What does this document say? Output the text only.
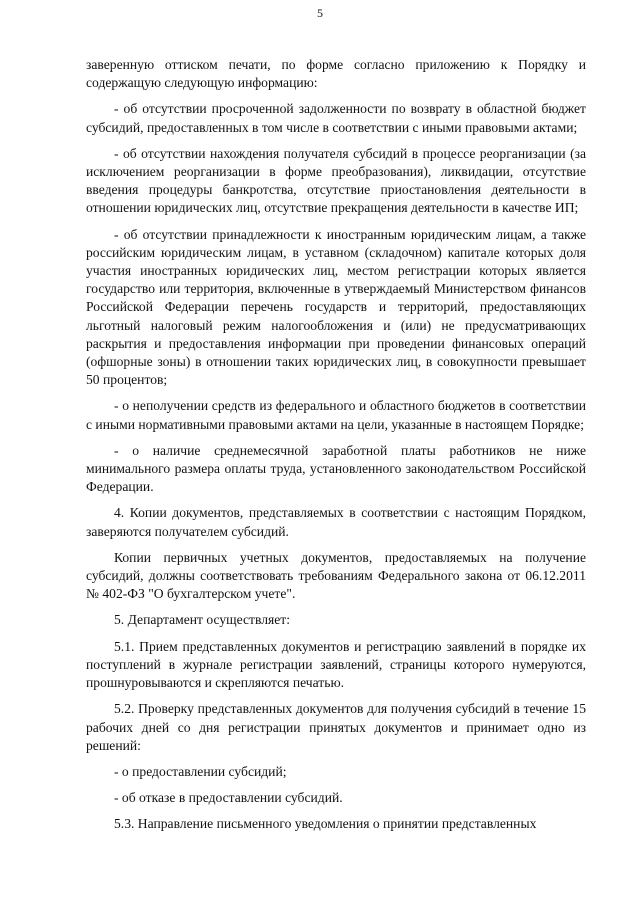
5

заверенную оттиском печати, по форме согласно приложению к Порядку и содержащую следующую информацию:

- об отсутствии просроченной задолженности по возврату в областной бюджет субсидий, предоставленных в том числе в соответствии с иными правовыми актами;

- об отсутствии нахождения получателя субсидий в процессе реорганизации (за исключением реорганизации в форме преобразования), ликвидации, отсутствие введения процедуры банкротства, отсутствие приостановления деятельности в отношении юридических лиц, отсутствие прекращения деятельности в качестве ИП;

- об отсутствии принадлежности к иностранным юридическим лицам, а также российским юридическим лицам, в уставном (складочном) капитале которых доля участия иностранных юридических лиц, местом регистрации которых является государство или территория, включенные в утверждаемый Министерством финансов Российской Федерации перечень государств и территорий, предоставляющих льготный налоговый режим налогообложения и (или) не предусматривающих раскрытия и предоставления информации при проведении финансовых операций (офшорные зоны) в отношении таких юридических лиц, в совокупности превышает 50 процентов;

- о неполучении средств из федерального и областного бюджетов в соответствии с иными нормативными правовыми актами на цели, указанные в настоящем Порядке;

- о наличие среднемесячной заработной платы работников не ниже минимального размера оплаты труда, установленного законодательством Российской Федерации.

4. Копии документов, представляемых в соответствии с настоящим Порядком, заверяются получателем субсидий.

Копии первичных учетных документов, предоставляемых на получение субсидий, должны соответствовать требованиям Федерального закона от 06.12.2011 № 402-ФЗ "О бухгалтерском учете".

5. Департамент осуществляет:

5.1. Прием представленных документов и регистрацию заявлений в порядке их поступлений в журнале регистрации заявлений, страницы которого нумеруются, прошнуровываются и скрепляются печатью.

5.2. Проверку представленных документов для получения субсидий в течение 15 рабочих дней со дня регистрации принятых документов и принимает одно из решений:

- о предоставлении субсидий;

- об отказе в предоставлении субсидий.

5.3. Направление письменного уведомления о принятии представленных
